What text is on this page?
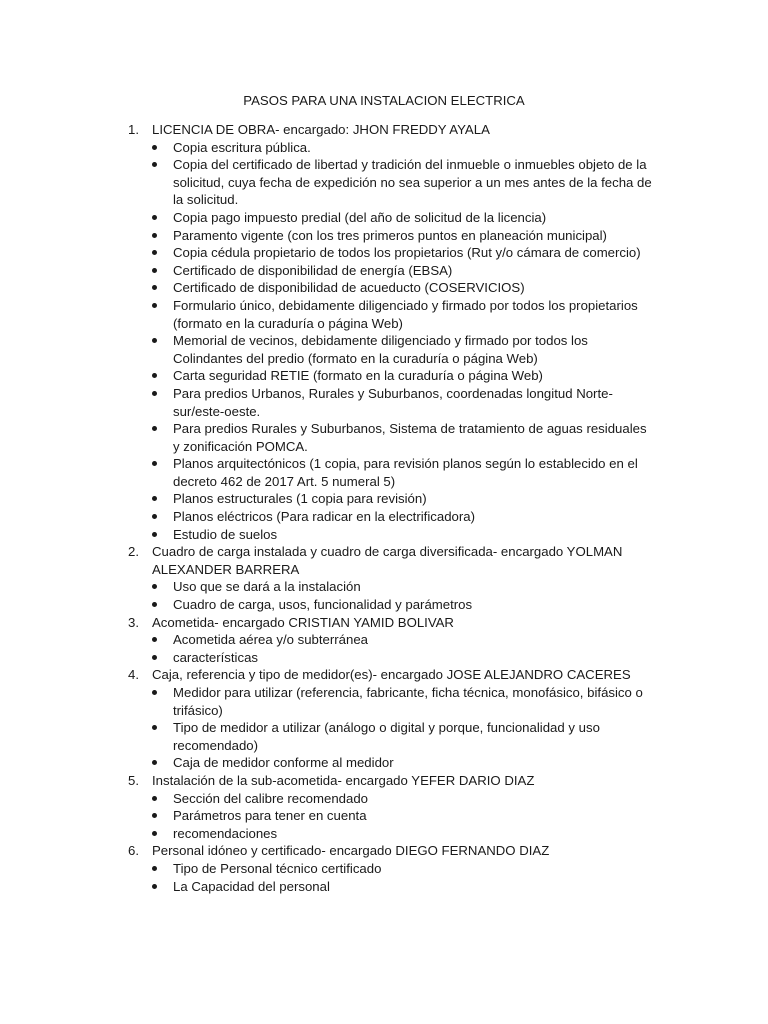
PASOS PARA UNA INSTALACION ELECTRICA
1. LICENCIA DE OBRA- encargado: JHON FREDDY AYALA
Copia escritura pública.
Copia del certificado de libertad y tradición del inmueble o inmuebles objeto de la solicitud, cuya fecha de expedición no sea superior a un mes antes de la fecha de la solicitud.
Copia pago impuesto predial (del año de solicitud de la licencia)
Paramento vigente (con los tres primeros puntos en planeación municipal)
Copia cédula propietario de todos los propietarios (Rut y/o cámara de comercio)
Certificado de disponibilidad de energía (EBSA)
Certificado de disponibilidad de acueducto (COSERVICIOS)
Formulario único, debidamente diligenciado y firmado por todos los propietarios (formato en la curaduría o página Web)
Memorial de vecinos, debidamente diligenciado y firmado por todos los Colindantes del predio (formato en la curaduría o página Web)
Carta seguridad RETIE (formato en la curaduría o página Web)
Para predios Urbanos, Rurales y Suburbanos, coordenadas longitud Norte-sur/este-oeste.
Para predios Rurales y Suburbanos, Sistema de tratamiento de aguas residuales y zonificación POMCA.
Planos arquitectónicos (1 copia, para revisión planos según lo establecido en el decreto 462 de 2017 Art. 5 numeral 5)
Planos estructurales (1 copia para revisión)
Planos eléctricos (Para radicar en la electrificadora)
Estudio de suelos
2. Cuadro de carga instalada y cuadro de carga diversificada- encargado YOLMAN ALEXANDER BARRERA
Uso que se dará a la instalación
Cuadro de carga, usos, funcionalidad y parámetros
3. Acometida- encargado CRISTIAN YAMID BOLIVAR
Acometida aérea y/o subterránea
características
4. Caja, referencia y tipo de medidor(es)- encargado JOSE ALEJANDRO CACERES
Medidor para utilizar (referencia, fabricante, ficha técnica, monofásico, bifásico o trifásico)
Tipo de medidor a utilizar (análogo o digital y porque, funcionalidad y uso recomendado)
Caja de medidor conforme al medidor
5. Instalación de la sub-acometida- encargado YEFER DARIO DIAZ
Sección del calibre recomendado
Parámetros para tener en cuenta
recomendaciones
6. Personal idóneo y certificado- encargado DIEGO FERNANDO DIAZ
Tipo de Personal técnico certificado
La Capacidad del personal
